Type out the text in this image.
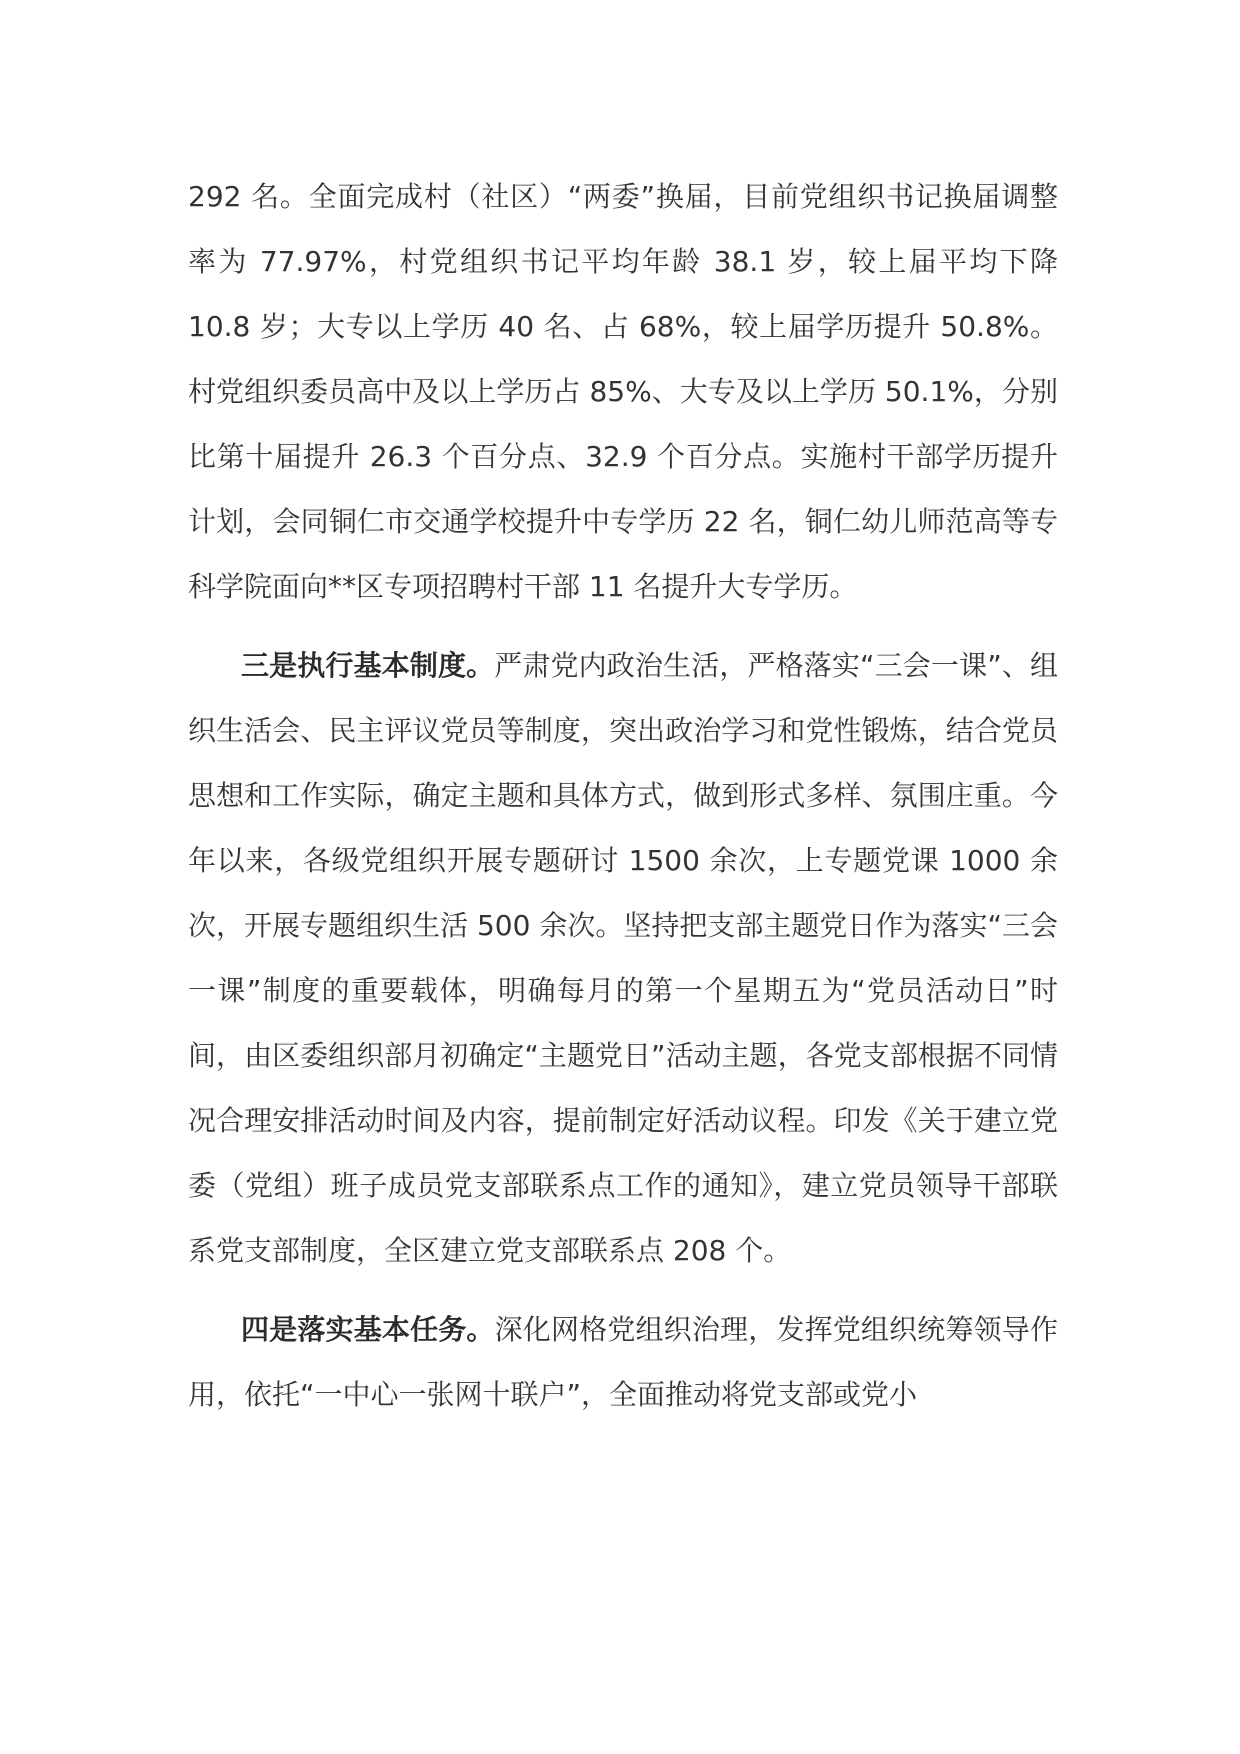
292 名。全面完成村（社区）“两委”换届，目前党组织书记换届调整率为 77.97%，村党组织书记平均年龄 38.1 岁，较上届平均下降 10.8 岁；大专以上学历 40 名、占 68%，较上届学历提升 50.8%。村党组织委员高中及以上学历占 85%、大专及以上学历 50.1%，分别比第十届提升 26.3 个百分点、32.9 个百分点。实施村干部学历提升计划，会同铜仁市交通学校提升中专学历 22 名，铜仁幼儿师范高等专科学院面向**区专项招聘村干部 11 名提升大专学历。

三是执行基本制度。严肃党内政治生活，严格落实“三会一课”、组织生活会、民主评议党员等制度，突出政治学习和党性锻炼，结合党员思想和工作实际，确定主题和具体方式，做到形式多样、氛围庄重。今年以来，各级党组织开展专题研讨 1500 余次，上专题党课 1000 余次，开展专题组织生活 500 余次。坚持把支部主题党日作为落实“三会一课”制度的重要载体，明确每月的第一个星期五为“党员活动日”时间，由区委组织部月初确定“主题党日”活动主题，各党支部根据不同情况合理安排活动时间及内容，提前制定好活动议程。印发《关于建立党委（党组）班子成员党支部联系点工作的通知》，建立党员领导干部联系党支部制度，全区建立党支部联系点 208 个。

四是落实基本任务。深化网格党组织治理，发挥党组织统筹领导作用，依托“一中心一张网十联户”，全面推动将党支部或党小
